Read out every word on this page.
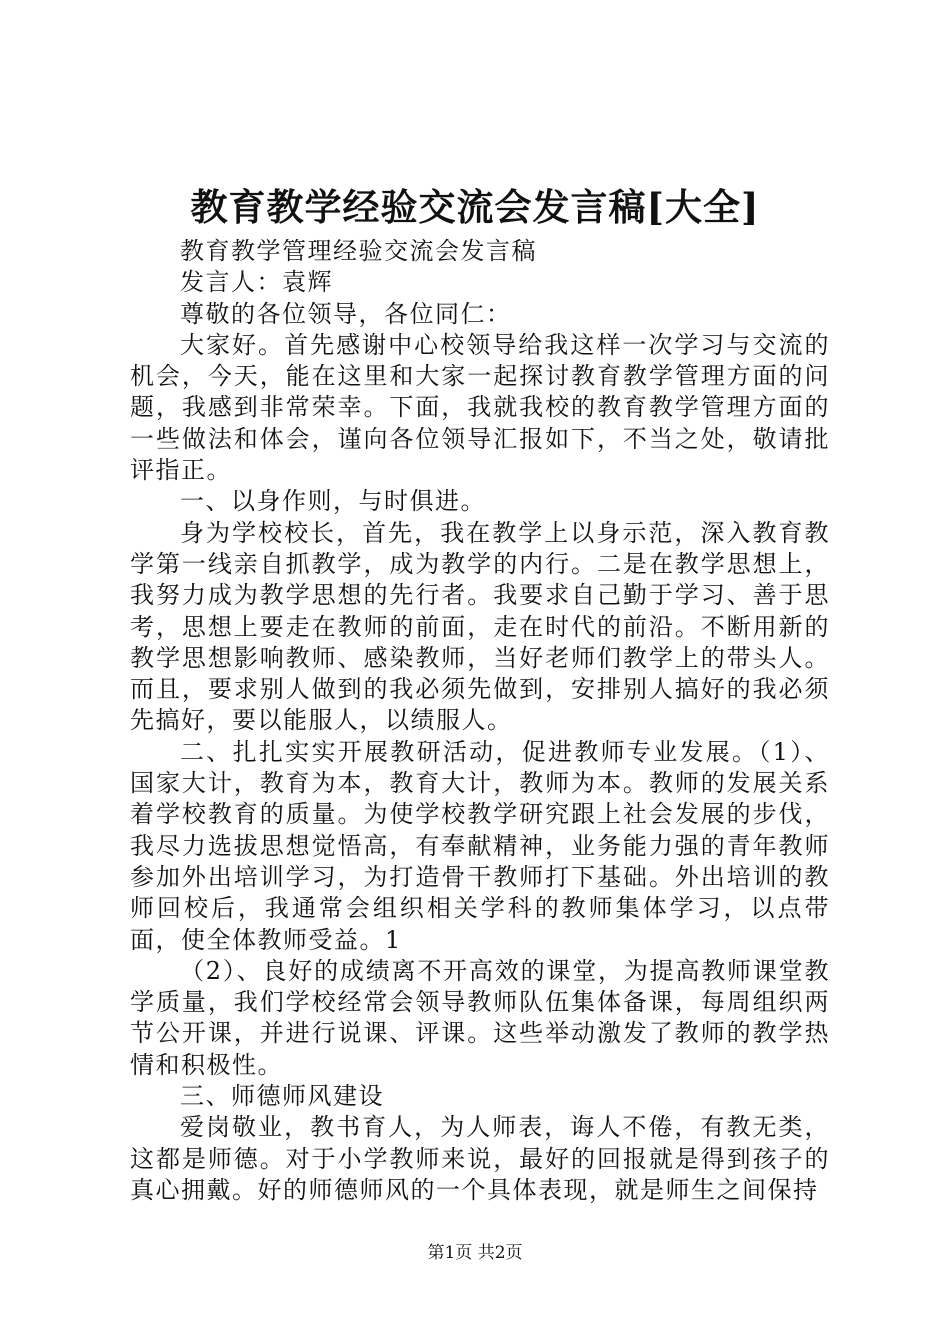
教育教学经验交流会发言稿[大全]

教育教学管理经验交流会发言稿

发言人：袁辉

尊敬的各位领导，各位同仁：

大家好。首先感谢中心校领导给我这样一次学习与交流的机会，今天，能在这里和大家一起探讨教育教学管理方面的问题，我感到非常荣幸。下面，我就我校的教育教学管理方面的一些做法和体会，谨向各位领导汇报如下，不当之处，敬请批评指正。

一、以身作则，与时俱进。

身为学校校长，首先，我在教学上以身示范，深入教育教学第一线亲自抓教学，成为教学的内行。二是在教学思想上，我努力成为教学思想的先行者。我要求自己勤于学习、善于思考，思想上要走在教师的前面，走在时代的前沿。不断用新的教学思想影响教师、感染教师，当好老师们教学上的带头人。而且，要求别人做到的我必须先做到，安排别人搞好的我必须先搞好，要以能服人，以绩服人。

二、扎扎实实开展教研活动，促进教师专业发展。（1）、国家大计，教育为本，教育大计，教师为本。教师的发展关系着学校教育的质量。为使学校教学研究跟上社会发展的步伐，我尽力选拔思想觉悟高，有奉献精神，业务能力强的青年教师参加外出培训学习，为打造骨干教师打下基础。外出培训的教师回校后，我通常会组织相关学科的教师集体学习，以点带面，使全体教师受益。1

（2）、良好的成绩离不开高效的课堂，为提高教师课堂教学质量，我们学校经常会领导教师队伍集体备课，每周组织两节公开课，并进行说课、评课。这些举动激发了教师的教学热情和积极性。

三、师德师风建设

爱岗敬业，教书育人，为人师表，诲人不倦，有教无类，这都是师德。对于小学教师来说，最好的回报就是得到孩子的真心拥戴。好的师德师风的一个具体表现，就是师生之间保持

第1页 共2页
